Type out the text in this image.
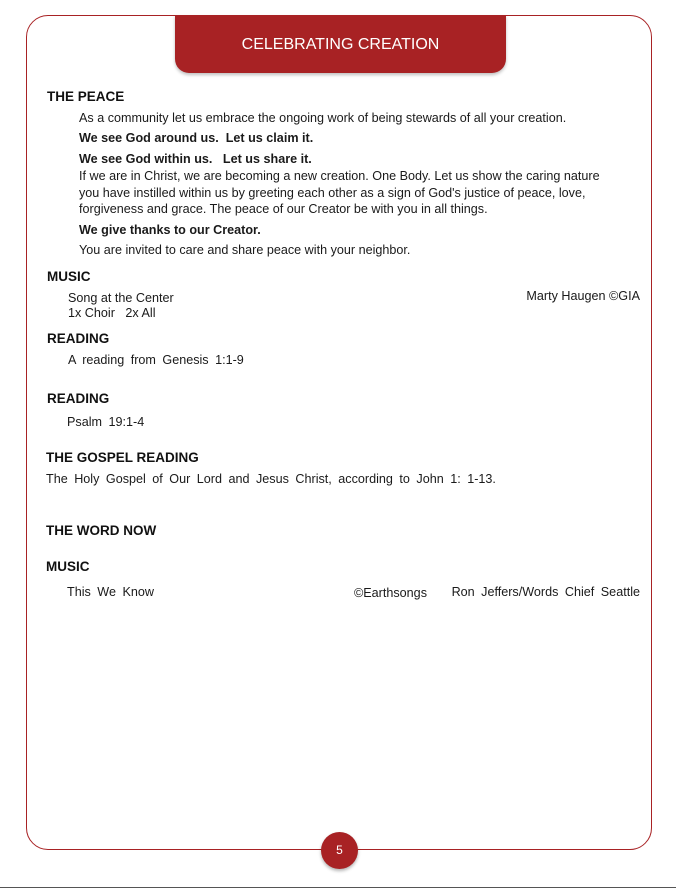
CELEBRATING CREATION
THE PEACE
As a community let us embrace the ongoing work of being stewards of all your creation.
We see God around us.  Let us claim it.
We see God within us.   Let us share it.
If we are in Christ, we are becoming a new creation. One Body. Let us show the caring nature you have instilled within us by greeting each other as a sign of God's justice of peace, love, forgiveness and grace. The peace of our Creator be with you in all things.
We give thanks to our Creator.
You are invited to care and share peace with your neighbor.
MUSIC
Song at the Center
1x Choir   2x All
Marty Haugen ©GIA
READING
A reading from Genesis 1:1-9
READING
Psalm 19:1-4
THE GOSPEL READING
The Holy Gospel of Our Lord and Jesus Christ, according to John 1: 1-13.
THE WORD NOW
MUSIC
This We Know	©Earthsongs Ron Jeffers/Words Chief Seattle
5
